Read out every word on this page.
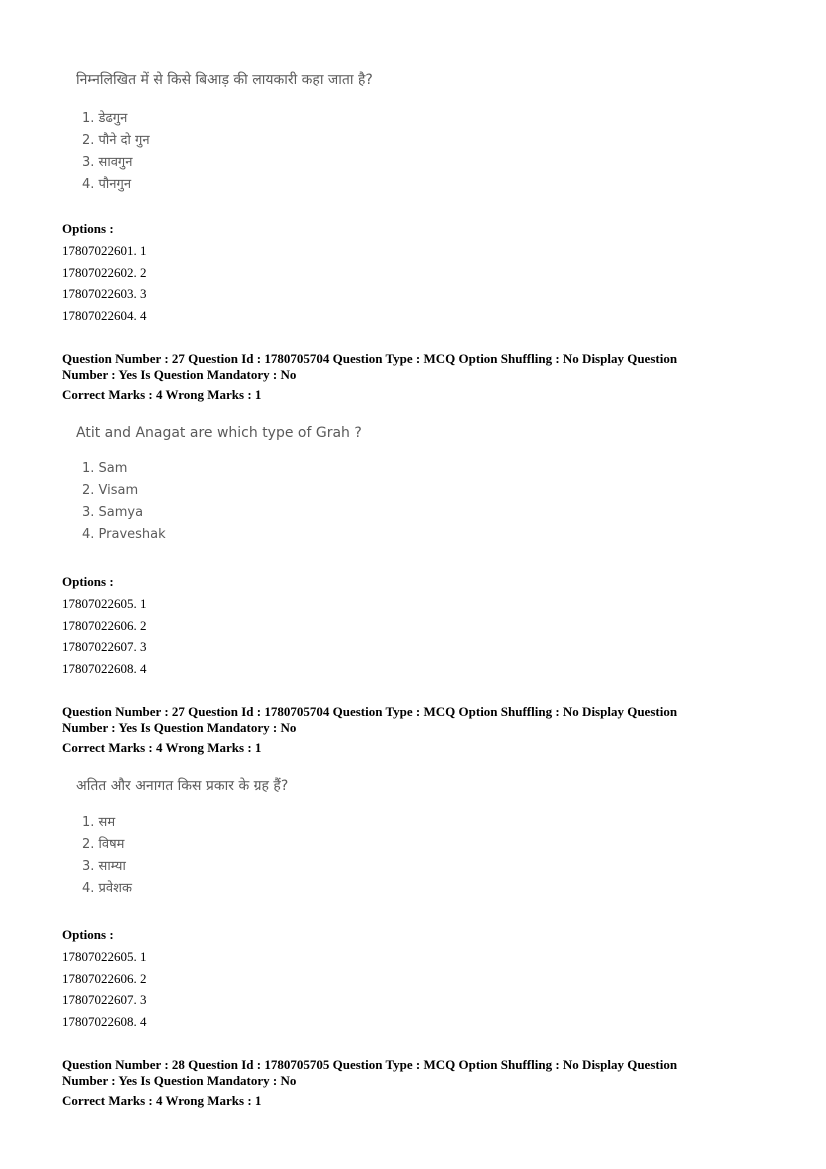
निम्नलिखित में से किसे बिआड़ की लायकारी कहा जाता है?
1. डेढगुन
2. पौने दो गुन
3. सावगुन
4. पौनगुन
Options :
17807022601. 1
17807022602. 2
17807022603. 3
17807022604. 4
Question Number : 27 Question Id : 1780705704 Question Type : MCQ Option Shuffling : No Display Question
Number : Yes Is Question Mandatory : No
Correct Marks : 4 Wrong Marks : 1
Atit and Anagat are which type of Grah ?
1. Sam
2. Visam
3. Samya
4. Praveshak
Options :
17807022605. 1
17807022606. 2
17807022607. 3
17807022608. 4
Question Number : 27 Question Id : 1780705704 Question Type : MCQ Option Shuffling : No Display Question
Number : Yes Is Question Mandatory : No
Correct Marks : 4 Wrong Marks : 1
अतित और अनागत किस प्रकार के ग्रह हैं?
1. सम
2. विषम
3. साम्या
4. प्रवेशक
Options :
17807022605. 1
17807022606. 2
17807022607. 3
17807022608. 4
Question Number : 28 Question Id : 1780705705 Question Type : MCQ Option Shuffling : No Display Question
Number : Yes Is Question Mandatory : No
Correct Marks : 4 Wrong Marks : 1
